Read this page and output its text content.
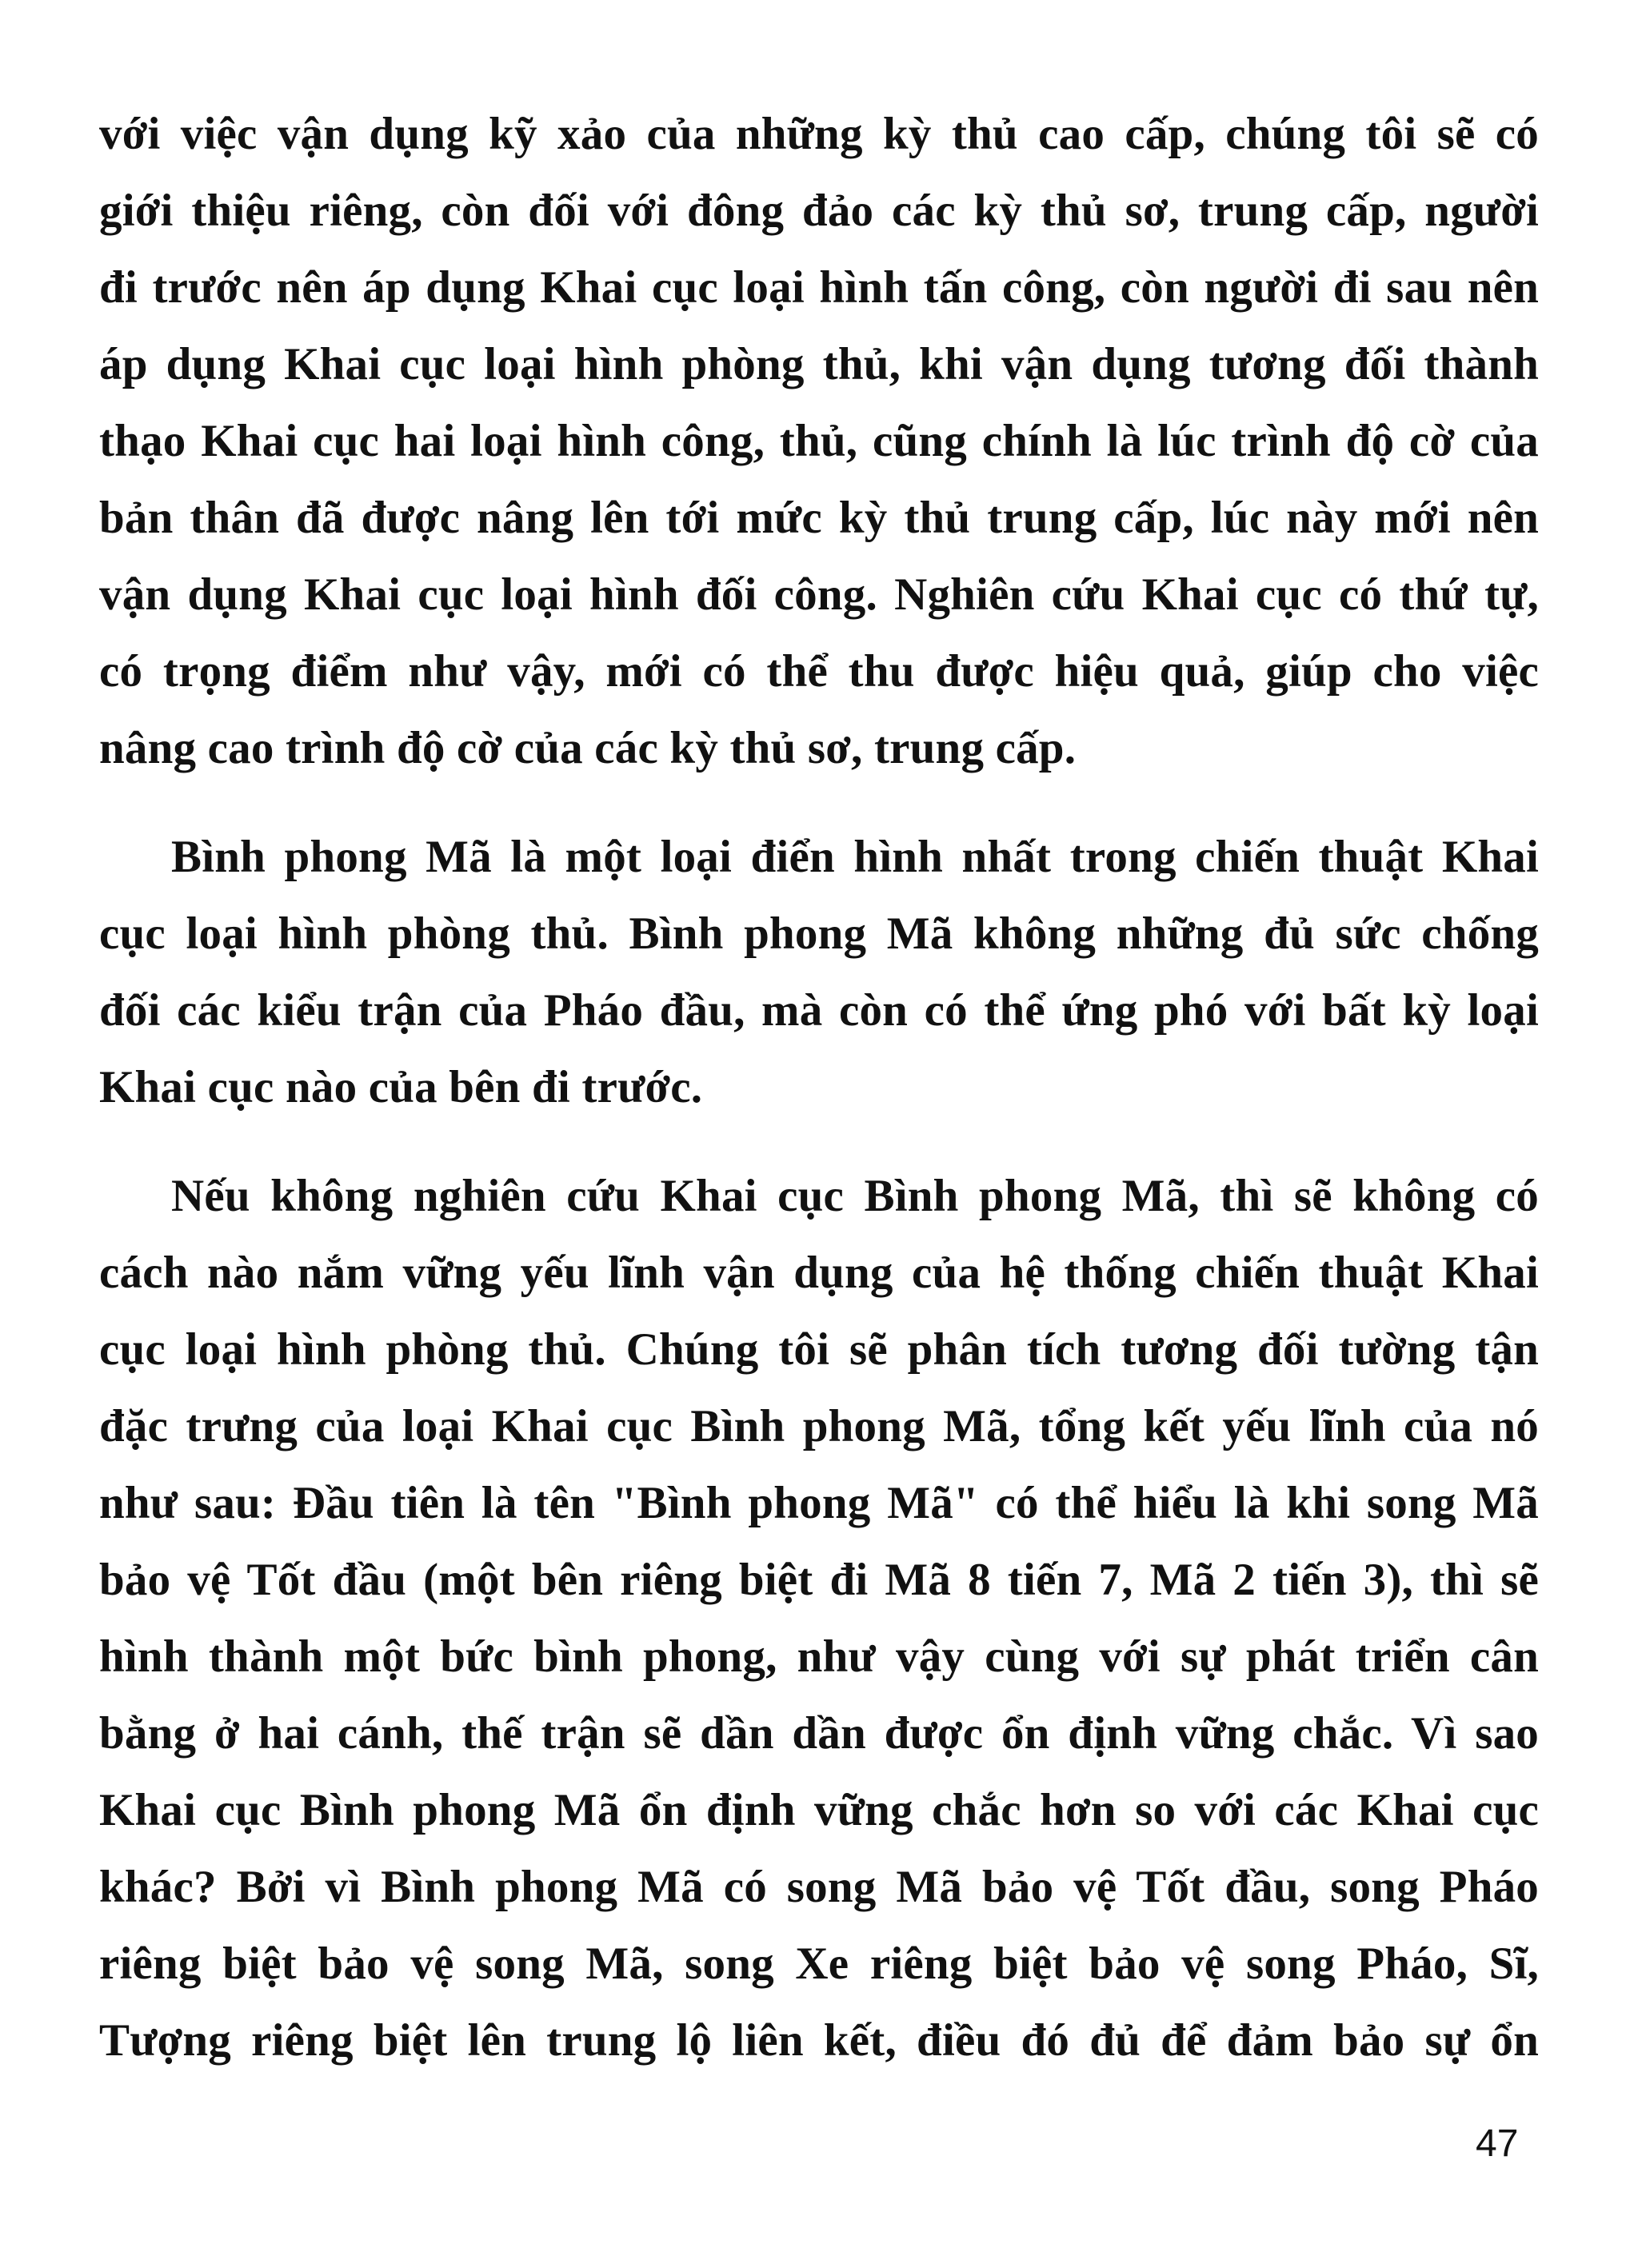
với việc vận dụng kỹ xảo của những kỳ thủ cao cấp, chúng tôi sẽ có
giới thiệu riêng, còn đối với đông đảo các kỳ thủ sơ, trung cấp, người
đi trước nên áp dụng Khai cục loại hình tấn công, còn người đi sau nên
áp dụng Khai cục loại hình phòng thủ, khi vận dụng tương đối thành
thạo Khai cục hai loại hình công, thủ, cũng chính là lúc trình độ cờ của
bản thân đã được nâng lên tới mức kỳ thủ trung cấp, lúc này mới nên
vận dụng Khai cục loại hình đối công. Nghiên cứu Khai cục có thứ tự,
có trọng điểm như vậy, mới có thể thu được hiệu quả, giúp cho việc
nâng cao trình độ cờ của các kỳ thủ sơ, trung cấp.
Bình phong Mã là một loại điển hình nhất trong chiến thuật Khai
cục loại hình phòng thủ. Bình phong Mã không những đủ sức chống
đối các kiểu trận của Pháo đầu, mà còn có thể ứng phó với bất kỳ loại
Khai cục nào của bên đi trước.
Nếu không nghiên cứu Khai cục Bình phong Mã, thì sẽ không có
cách nào nắm vững yếu lĩnh vận dụng của hệ thống chiến thuật Khai
cục loại hình phòng thủ. Chúng tôi sẽ phân tích tương đối tường tận
đặc trưng của loại Khai cục Bình phong Mã, tổng kết yếu lĩnh của nó
như sau: Đầu tiên là tên "Bình phong Mã" có thể hiểu là khi song Mã
bảo vệ Tốt đầu (một bên riêng biệt đi Mã 8 tiến 7, Mã 2 tiến 3), thì sẽ
hình thành một bức bình phong, như vậy cùng với sự phát triển cân
bằng ở hai cánh, thế trận sẽ dần dần được ổn định vững chắc. Vì sao
Khai cục Bình phong Mã ổn định vững chắc hơn so với các Khai cục
khác? Bởi vì Bình phong Mã có song Mã bảo vệ Tốt đầu, song Pháo
riêng biệt bảo vệ song Mã, song Xe riêng biệt bảo vệ song Pháo, Sĩ,
Tượng riêng biệt lên trung lộ liên kết, điều đó đủ để đảm bảo sự ổn
47
